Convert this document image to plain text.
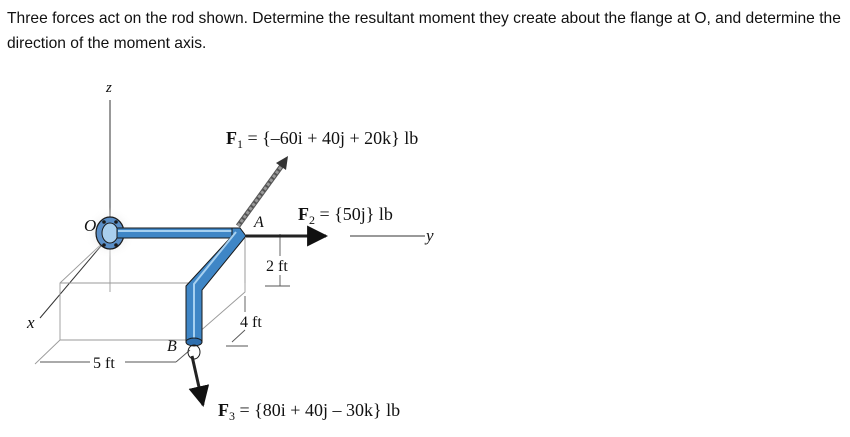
Three forces act on the rod shown. Determine the resultant moment they create about the flange at O, and determine the direction of the moment axis.

z
y
x
O	A
B
$F_1 = \{-60i + 40j + 20k\}$ lb
$F_2 = \{50j\}$ lb
$F_3 = \{80i + 40j - 30k\}$ lb
2 ft
4 ft
5 ft
